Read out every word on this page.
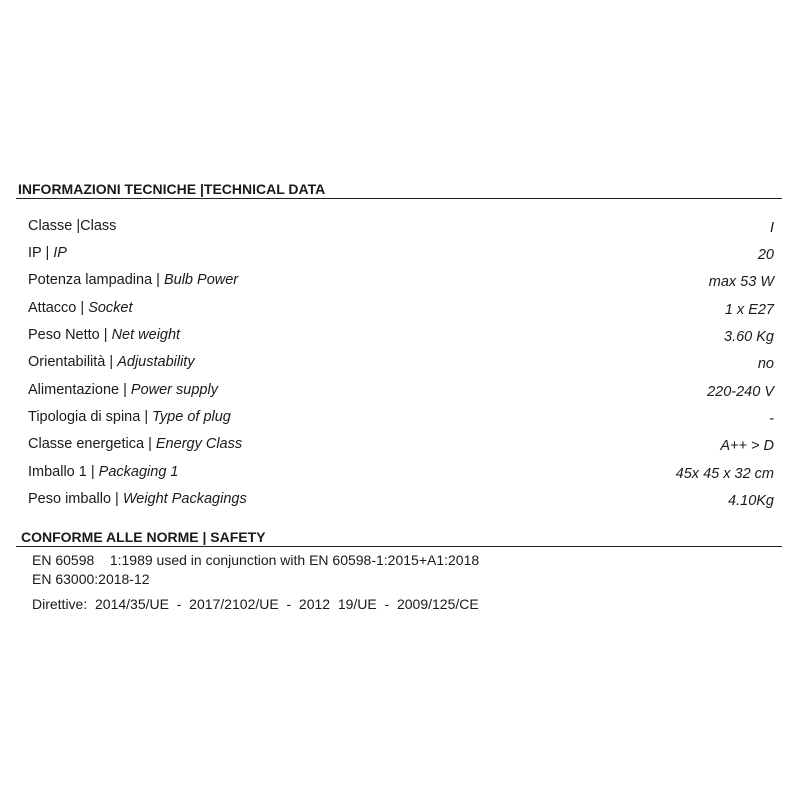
INFORMAZIONI TECNICHE |TECHNICAL DATA
Classe |Class	I
IP | IP	20
Potenza lampadina | Bulb Power	max 53 W
Attacco | Socket	1 x E27
Peso Netto | Net weight	3.60 Kg
Orientabilità | Adjustability	no
Alimentazione | Power supply	220-240 V
Tipologia di spina | Type of plug	-
Classe energetica | Energy Class	A++ > D
Imballo 1 | Packaging 1	45x 45 x 32 cm
Peso imballo | Weight Packagings	4.10Kg
CONFORME ALLE NORME | SAFETY
EN 60598    1:1989 used in conjunction with EN 60598-1:2015+A1:2018
EN 63000:2018-12
Direttive:  2014/35/UE  -  2017/2102/UE  -  2012  19/UE  -  2009/125/CE
